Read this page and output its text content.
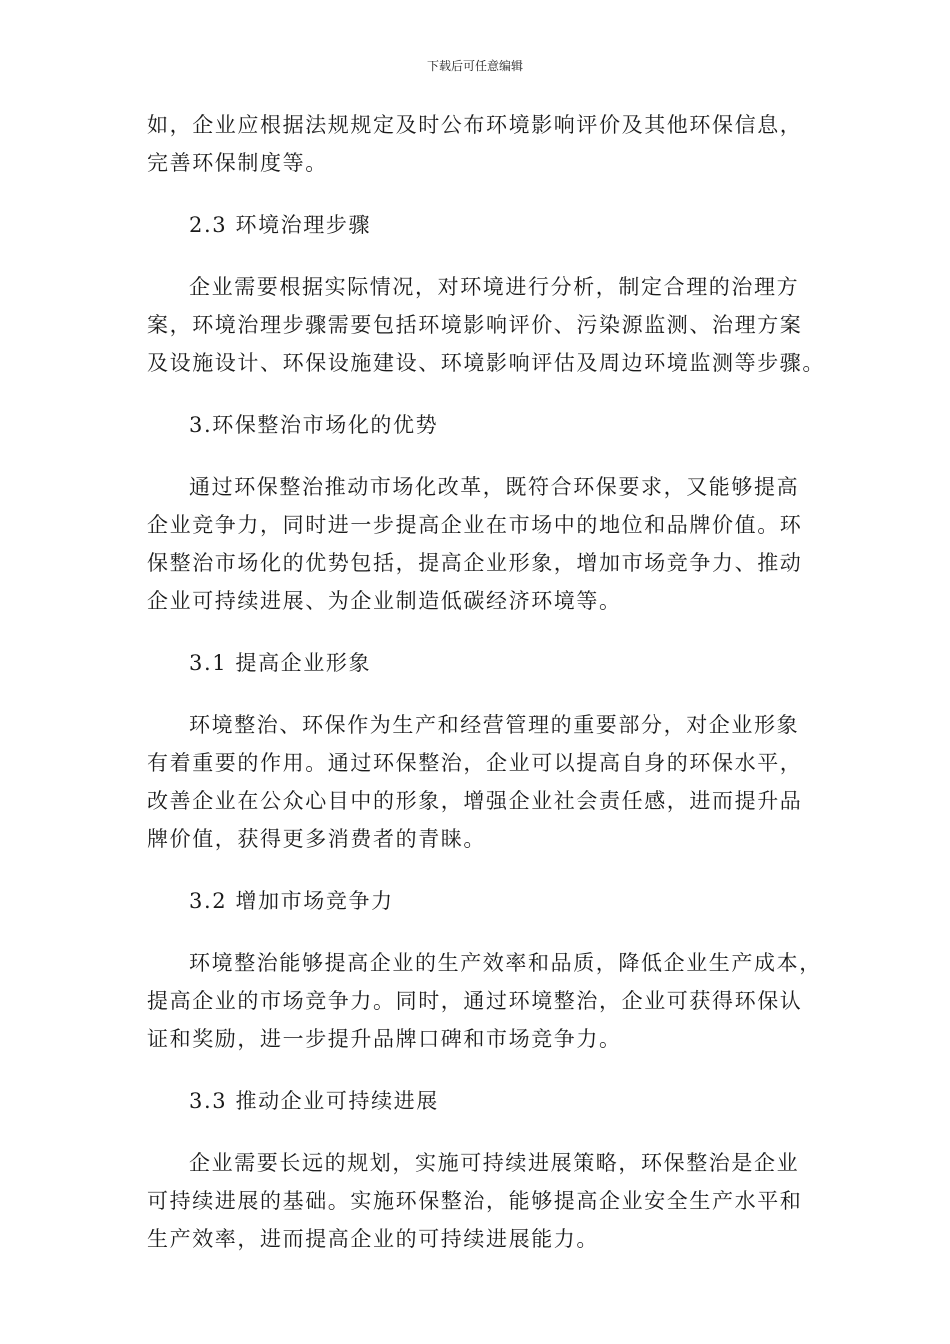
下载后可任意编辑
如，企业应根据法规规定及时公布环境影响评价及其他环保信息，
完善环保制度等。
2.3 环境治理步骤
企业需要根据实际情况，对环境进行分析，制定合理的治理方
案，环境治理步骤需要包括环境影响评价、污染源监测、治理方案
及设施设计、环保设施建设、环境影响评估及周边环境监测等步骤。
3.环保整治市场化的优势
通过环保整治推动市场化改革，既符合环保要求，又能够提高
企业竞争力，同时进一步提高企业在市场中的地位和品牌价值。环
保整治市场化的优势包括，提高企业形象，增加市场竞争力、推动
企业可持续进展、为企业制造低碳经济环境等。
3.1 提高企业形象
环境整治、环保作为生产和经营管理的重要部分，对企业形象
有着重要的作用。通过环保整治，企业可以提高自身的环保水平，
改善企业在公众心目中的形象，增强企业社会责任感，进而提升品
牌价值，获得更多消费者的青睐。
3.2 增加市场竞争力
环境整治能够提高企业的生产效率和品质，降低企业生产成本，
提高企业的市场竞争力。同时，通过环境整治，企业可获得环保认
证和奖励，进一步提升品牌口碑和市场竞争力。
3.3 推动企业可持续进展
企业需要长远的规划，实施可持续进展策略，环保整治是企业
可持续进展的基础。实施环保整治，能够提高企业安全生产水平和
生产效率，进而提高企业的可持续进展能力。
